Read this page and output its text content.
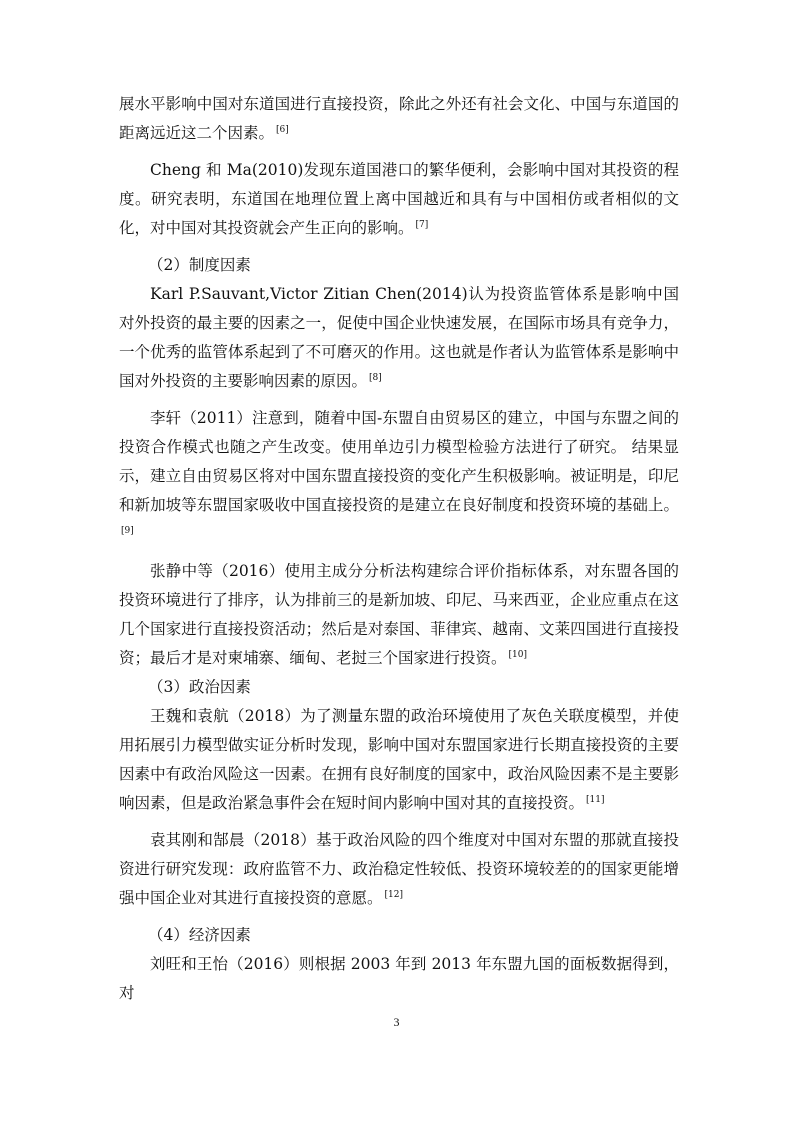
展水平影响中国对东道国进行直接投资，除此之外还有社会文化、中国与东道国的距离远近这二个因素。 [6]

Cheng 和 Ma(2010)发现东道国港口的繁华便利，会影响中国对其投资的程度。研究表明，东道国在地理位置上离中国越近和具有与中国相仿或者相似的文化，对中国对其投资就会产生正向的影响。 [7]

（2）制度因素

Karl P.Sauvant,Victor Zitian Chen(2014)认为投资监管体系是影响中国对外投资的最主要的因素之一，促使中国企业快速发展，在国际市场具有竞争力，一个优秀的监管体系起到了不可磨灭的作用。这也就是作者认为监管体系是影响中国对外投资的主要影响因素的原因。 [8]

李轩（2011）注意到，随着中国-东盟自由贸易区的建立，中国与东盟之间的投资合作模式也随之产生改变。使用单边引力模型检验方法进行了研究。 结果显示，建立自由贸易区将对中国东盟直接投资的变化产生积极影响。被证明是，印尼和新加坡等东盟国家吸收中国直接投资的是建立在良好制度和投资环境的基础上。[9]

张静中等（2016）使用主成分分析法构建综合评价指标体系，对东盟各国的投资环境进行了排序，认为排前三的是新加坡、印尼、马来西亚，企业应重点在这几个国家进行直接投资活动；然后是对泰国、菲律宾、越南、文莱四国进行直接投资；最后才是对柬埔寨、缅甸、老挝三个国家进行投资。 [10]

（3）政治因素

王魏和袁航（2018）为了测量东盟的政治环境使用了灰色关联度模型，并使用拓展引力模型做实证分析时发现，影响中国对东盟国家进行长期直接投资的主要因素中有政治风险这一因素。在拥有良好制度的国家中，政治风险因素不是主要影响因素，但是政治紧急事件会在短时间内影响中国对其的直接投资。 [11]

袁其刚和郜晨（2018）基于政治风险的四个维度对中国对东盟的那就直接投资进行研究发现：政府监管不力、政治稳定性较低、投资环境较差的的国家更能增强中国企业对其进行直接投资的意愿。 [12]

（4）经济因素

刘旺和王怡（2016）则根据 2003 年到 2013 年东盟九国的面板数据得到，对

3
